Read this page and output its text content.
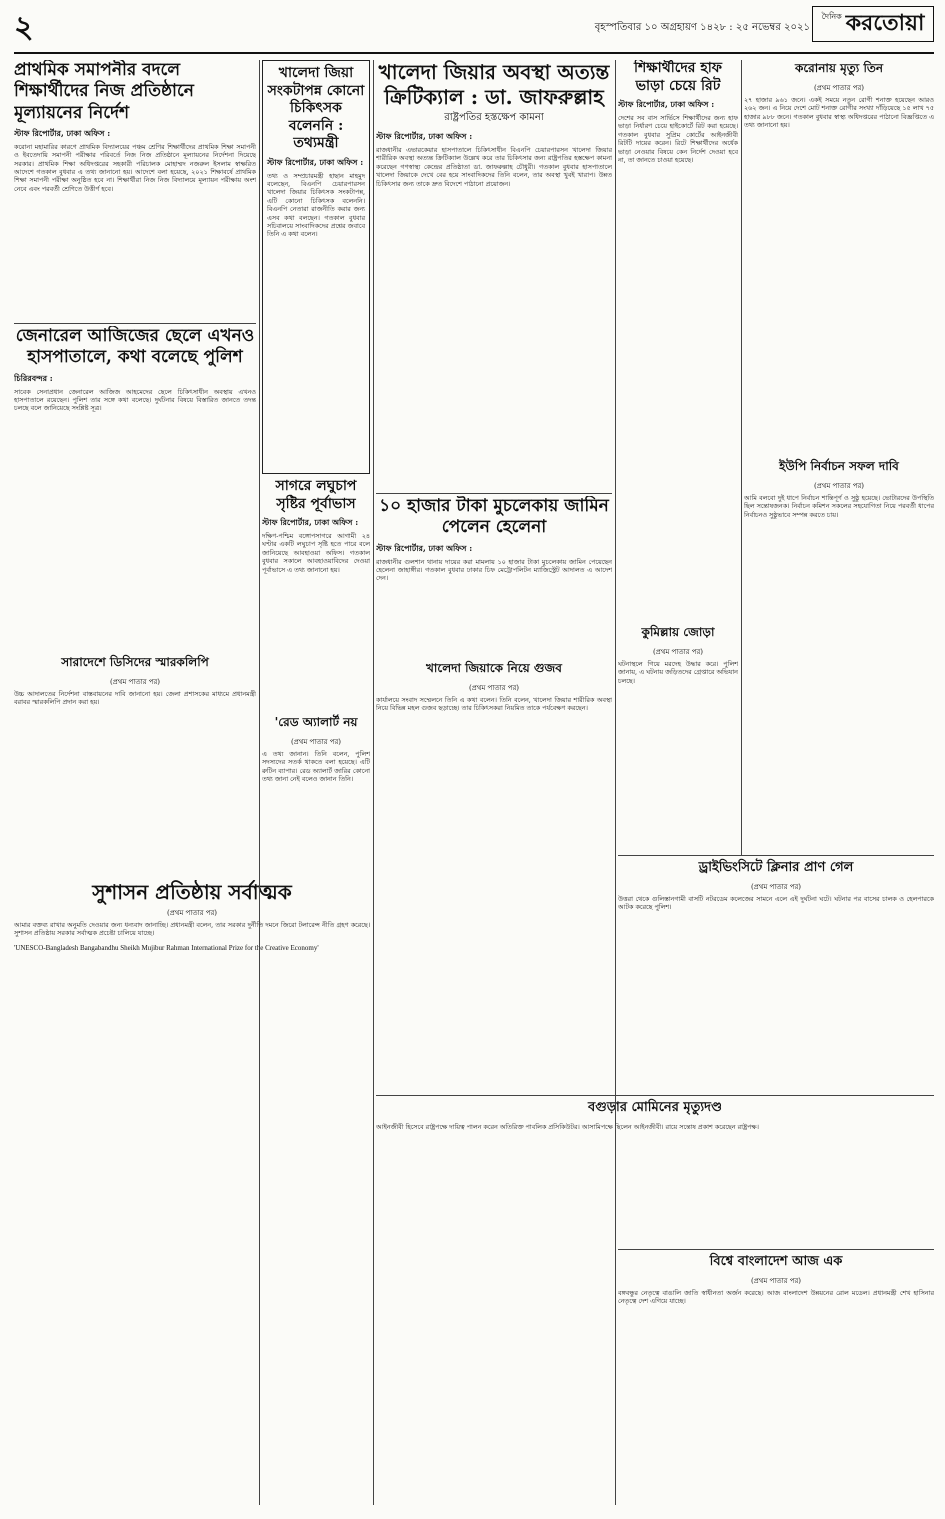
২	বৃহস্পতিবার ১০ অগ্রহায়ণ ১৪২৮ : ২৫ নভেম্বর ২০২১
দৈনিক করতোয়া
প্রাথমিক সমাপনীর বদলে শিক্ষার্থীদের নিজ প্রতিষ্ঠানে মূল্যায়নের নির্দেশ
স্টাফ রিপোর্টার, ঢাকা অফিস :
করোনা মহামারির কারণে প্রাথমিক বিদ্যালয়ের পঞ্চম শ্রেণির শিক্ষার্থীদের প্রাথমিক শিক্ষা সমাপনী ও ইবতেদায়ি সমাপনী পরীক্ষার পরিবর্তে নিজ নিজ প্রতিষ্ঠানে মূল্যায়নের নির্দেশনা দিয়েছে সরকার। প্রাথমিক শিক্ষা অধিদপ্তরের সহকারী পরিচালক মোহাম্মদ নজরুল ইসলাম স্বাক্ষরিত আদেশে গতকাল বুধবার এ তথ্য জানানো হয়। আদেশে বলা হয়েছে, ২০২১ শিক্ষাবর্ষে প্রাথমিক শিক্ষা সমাপনী পরীক্ষা অনুষ্ঠিত হবে না। শিক্ষার্থীরা নিজ নিজ বিদ্যালয়ে মূল্যায়ন পরীক্ষায় অংশ নেবে এবং পরবর্তী শ্রেণিতে উত্তীর্ণ হবে।
খালেদা জিয়া সংকটাপন্ন কোনো চিকিৎসক বলেননি : তথ্যমন্ত্রী
স্টাফ রিপোর্টার, ঢাকা অফিস :
তথ্য ও সম্প্রচারমন্ত্রী হাছান মাহমুদ বলেছেন, বিএনপি চেয়ারপারসন খালেদা জিয়ার চিকিৎসক সংকটাপন্ন, এটি কোনো চিকিৎসক বলেননি। বিএনপি নেতারা রাজনীতি করার জন্য এসব কথা বলছেন। গতকাল বুধবার সচিবালয়ে সাংবাদিকদের প্রশ্নের জবাবে তিনি এ কথা বলেন।
খালেদা জিয়ার অবস্থা অত্যন্ত ক্রিটিক্যাল : ডা. জাফরুল্লাহ
রাষ্ট্রপতির হস্তক্ষেপ কামনা
স্টাফ রিপোর্টার, ঢাকা অফিস :
রাজধানীর এভারকেয়ার হাসপাতালে চিকিৎসাধীন বিএনপি চেয়ারপারসন খালেদা জিয়ার শারীরিক অবস্থা অত্যন্ত ক্রিটিক্যাল উল্লেখ করে তার চিকিৎসার জন্য রাষ্ট্রপতির হস্তক্ষেপ কামনা করেছেন গণস্বাস্থ্য কেন্দ্রের প্রতিষ্ঠাতা ডা. জাফরুল্লাহ চৌধুরী। গতকাল বুধবার হাসপাতালে খালেদা জিয়াকে দেখে বের হয়ে সাংবাদিকদের তিনি বলেন, তার অবস্থা খুবই খারাপ। উন্নত চিকিৎসার জন্য তাকে দ্রুত বিদেশে পাঠানো প্রয়োজন।
শিক্ষার্থীদের হাফ ভাড়া চেয়ে রিট
স্টাফ রিপোর্টার, ঢাকা অফিস :
দেশের সব বাস সার্ভিসে শিক্ষার্থীদের জন্য হাফ ভাড়া নির্ধারণ চেয়ে হাইকোর্টে রিট করা হয়েছে। গতকাল বুধবার সুপ্রিম কোর্টের আইনজীবী রিটটি দায়ের করেন। রিটে শিক্ষার্থীদের অর্ধেক ভাড়া নেওয়ার বিষয়ে কেন নির্দেশ দেওয়া হবে না, তা জানতে চাওয়া হয়েছে।
করোনায় মৃত্যু তিন
(প্রথম পাতার পর)
২৭ হাজার ৯৬১ জনে। একই সময়ে নতুন রোগী শনাক্ত হয়েছেন আরও ২৬২ জন। এ নিয়ে দেশে মোট শনাক্ত রোগীর সংখ্যা দাঁড়িয়েছে ১৫ লাখ ৭৫ হাজার ৯৮৮ জনে। গতকাল বুধবার স্বাস্থ্য অধিদপ্তরের পাঠানো বিজ্ঞপ্তিতে এ তথ্য জানানো হয়।
ইউপি নির্বাচন সফল দাবি
(প্রথম পাতার পর)
আমি বলবো দুই ধাপে নির্বাচন শান্তিপূর্ণ ও সুষ্ঠু হয়েছে। ভোটারদের উপস্থিতি ছিল সন্তোষজনক। নির্বাচন কমিশন সকলের সহযোগিতা নিয়ে পরবর্তী ধাপের নির্বাচনও সুষ্ঠুভাবে সম্পন্ন করতে চায়।
জেনারেল আজিজের ছেলে এখনও হাসপাতালে, কথা বলেছে পুলিশ
চিরিরবন্দর :
সাবেক সেনাপ্রধান জেনারেল আজিজ আহমেদের ছেলে চিকিৎসাধীন অবস্থায় এখনও হাসপাতালে রয়েছেন। পুলিশ তার সঙ্গে কথা বলেছে। দুর্ঘটনার বিষয়ে বিস্তারিত জানতে তদন্ত চলছে বলে জানিয়েছে সংশ্লিষ্ট সূত্র।
সাগরে লঘুচাপ সৃষ্টির পূর্বাভাস
স্টাফ রিপোর্টার, ঢাকা অফিস :
দক্ষিণ-পশ্চিম বঙ্গোপসাগরে আগামী ২৪ ঘণ্টার একটি লঘুচাপ সৃষ্টি হতে পারে বলে জানিয়েছে আবহাওয়া অফিস। গতকাল বুধবার সকালে আবহাওয়াবিদের দেওয়া পূর্বাভাসে এ তথ্য জানানো হয়।
'রেড অ্যালার্ট নয়
(প্রথম পাতার পর)
এ তথ্য জানান। তিনি বলেন, পুলিশ সদস্যদের সতর্ক থাকতে বলা হয়েছে। এটি রুটিন ব্যাপার। রেড অ্যালার্ট জারির কোনো তথ্য জানা নেই বলেও জানান তিনি।
১০ হাজার টাকা মুচলেকায় জামিন পেলেন হেলেনা
স্টাফ রিপোর্টার, ঢাকা অফিস :
রাজধানীর গুলশান থানায় দায়ের করা মামলায় ১০ হাজার টাকা মুচলেকায় জামিন পেয়েছেন হেলেনা জাহাঙ্গীর। গতকাল বুধবার ঢাকার চিফ মেট্রোপলিটন ম্যাজিস্ট্রেট আদালত এ আদেশ দেন।
খালেদা জিয়াকে নিয়ে গুজব
(প্রথম পাতার পর)
কার্যালয়ে সংবাদ সম্মেলনে তিনি এ কথা বলেন। তিনি বলেন, খালেদা জিয়ার শারীরিক অবস্থা নিয়ে বিভিন্ন মহল গুজব ছড়াচ্ছে। তার চিকিৎসকরা নিয়মিত তাকে পর্যবেক্ষণ করছেন।
কুমিল্লায় জোড়া
(প্রথম পাতার পর)
ঘটনাস্থলে গিয়ে মরদেহ উদ্ধার করে। পুলিশ জানায়, এ ঘটনায় জড়িতদের গ্রেপ্তারে অভিযান চলছে।
সারাদেশে ডিসিদের স্মারকলিপি
(প্রথম পাতার পর)
উচ্চ আদালতের নির্দেশনা বাস্তবায়নের দাবি জানানো হয়। জেলা প্রশাসকের মাধ্যমে প্রধানমন্ত্রী বরাবর স্মারকলিপি প্রদান করা হয়।
ড্রাইভিংসিটে ক্লিনার প্রাণ গেল
(প্রথম পাতার পর)
উত্তরা থেকে গুলিস্তানগামী বাসটি নটরডেম কলেজের সামনে এলে এই দুর্ঘটনা ঘটে। ঘটনার পর বাসের চালক ও হেলপারকে আটক করেছে পুলিশ।
সুশাসন প্রতিষ্ঠায় সর্বাত্মক
(প্রথম পাতার পর)
আমার বক্তব্য রাখার অনুমতি দেওয়ার জন্য ধন্যবাদ জানাচ্ছি। প্রধানমন্ত্রী বলেন, তার সরকার দুর্নীতি দমনে জিরো টলারেন্স নীতি গ্রহণ করেছে। সুশাসন প্রতিষ্ঠায় সরকার সর্বাত্মক প্রচেষ্টা চালিয়ে যাচ্ছে।
'UNESCO-Bangladesh Bangabandhu Sheikh Mujibur Rahman International Prize for the Creative Economy'
বগুড়ার মোমিনের মৃত্যুদণ্ড
আইনজীবী হিসেবে রাষ্ট্রপক্ষে দায়িত্ব পালন করেন অতিরিক্ত পাবলিক প্রসিকিউটর। আসামিপক্ষে ছিলেন আইনজীবী। রায়ে সন্তোষ প্রকাশ করেছেন রাষ্ট্রপক্ষ।
বিশ্বে বাংলাদেশ আজ এক
(প্রথম পাতার পর)
বঙ্গবন্ধুর নেতৃত্বে বাঙালি জাতি স্বাধীনতা অর্জন করেছে। আজ বাংলাদেশ উন্নয়নের রোল মডেল। প্রধানমন্ত্রী শেখ হাসিনার নেতৃত্বে দেশ এগিয়ে যাচ্ছে।
